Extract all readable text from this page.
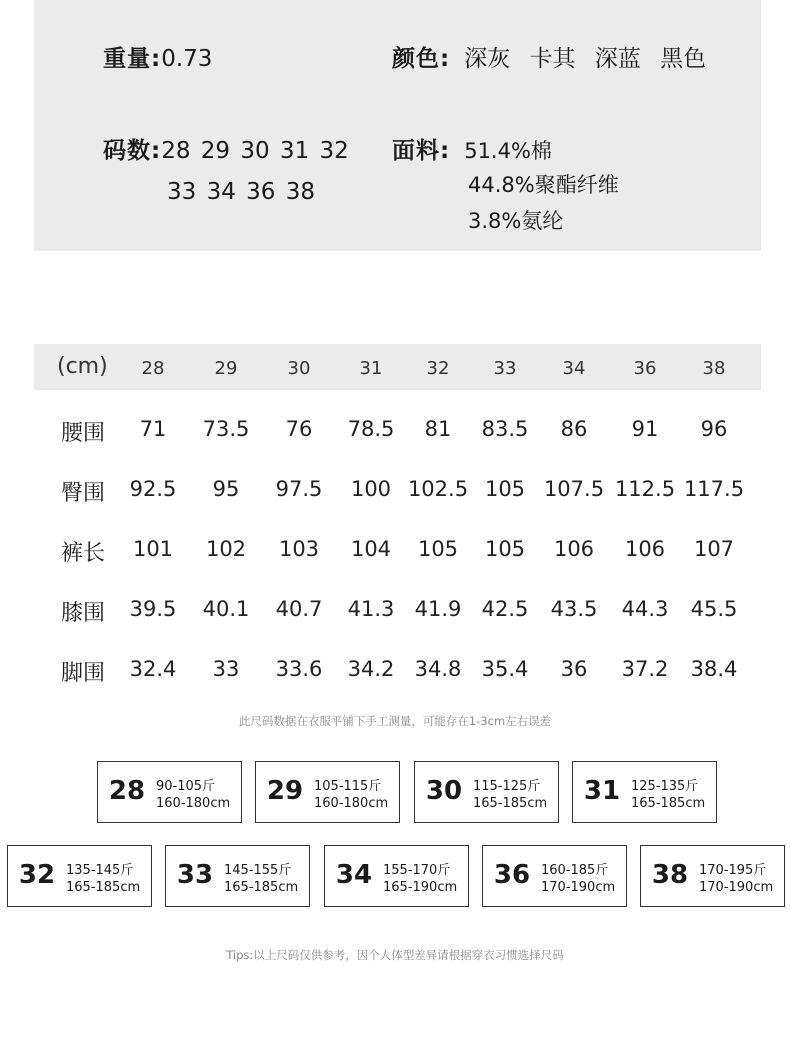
重量: 0.73	颜色: 深灰 卡其 深蓝 黑色
码数: 28 29 30 31 32
33 34 36 38
面料: 51.4%棉
44.8%聚酯纤维
3.8%氨纶
(cm) 28	29	30	31 32 33	34	36	38
腰围 71 73.5 76 78.5 81 83.5 86 91 96
臀围 92.5 95 97.5 100 102.5 105 107.5 112.5 117.5
裤长 101 102 103 104 105 105 106 106 107
膝围 39.5 40.1 40.7 41.3 41.9 42.5 43.5 44.3 45.5
脚围 32.4 33 33.6 34.2 34.8 35.4 36 37.2 38.4
此尺码数据在衣服平铺下手工测量，可能存在1-3cm左右误差
28 90-105斤
160-180cm	29 105-115斤
160-180cm	30 115-125斤
165-185cm	31 125-135斤
165-185cm
32 135-145斤
165-185cm	33 145-155斤
165-185cm	34 155-170斤
165-190cm	36 160-185斤
170-190cm	38 170-195斤
170-190cm
Tips:以上尺码仅供参考，因个人体型差异请根据穿衣习惯选择尺码
